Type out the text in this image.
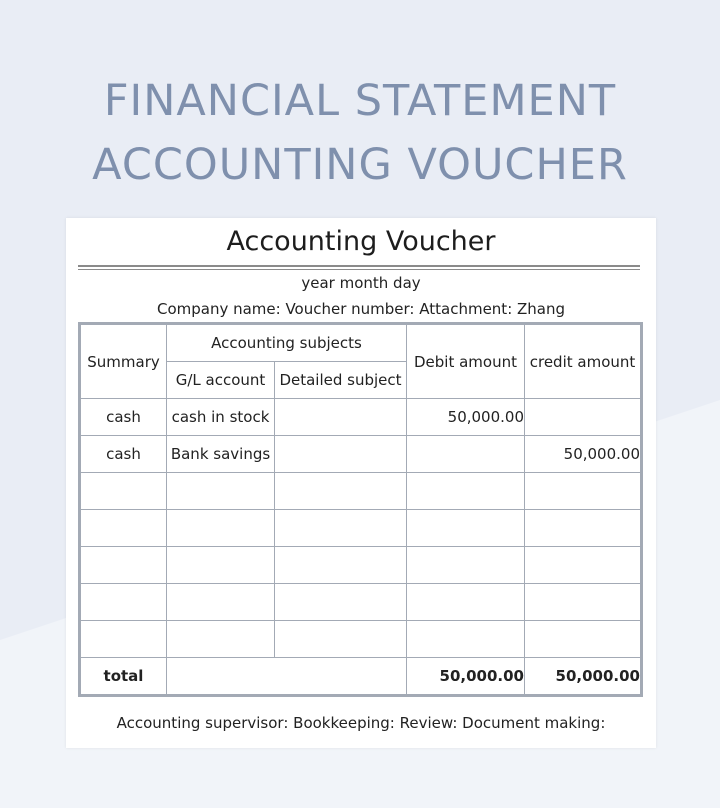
FINANCIAL STATEMENT
ACCOUNTING VOUCHER
Accounting Voucher
year month day
Company name: Voucher number: Attachment: Zhang
Summary	Accounting subjects		Debit amount	credit amount
	G/L account	Detailed subject		
cash	cash in stock		50,000.00	
cash	Bank savings			50,000.00

total			50,000.00	50,000.00
Accounting supervisor: Bookkeeping: Review: Document making:
